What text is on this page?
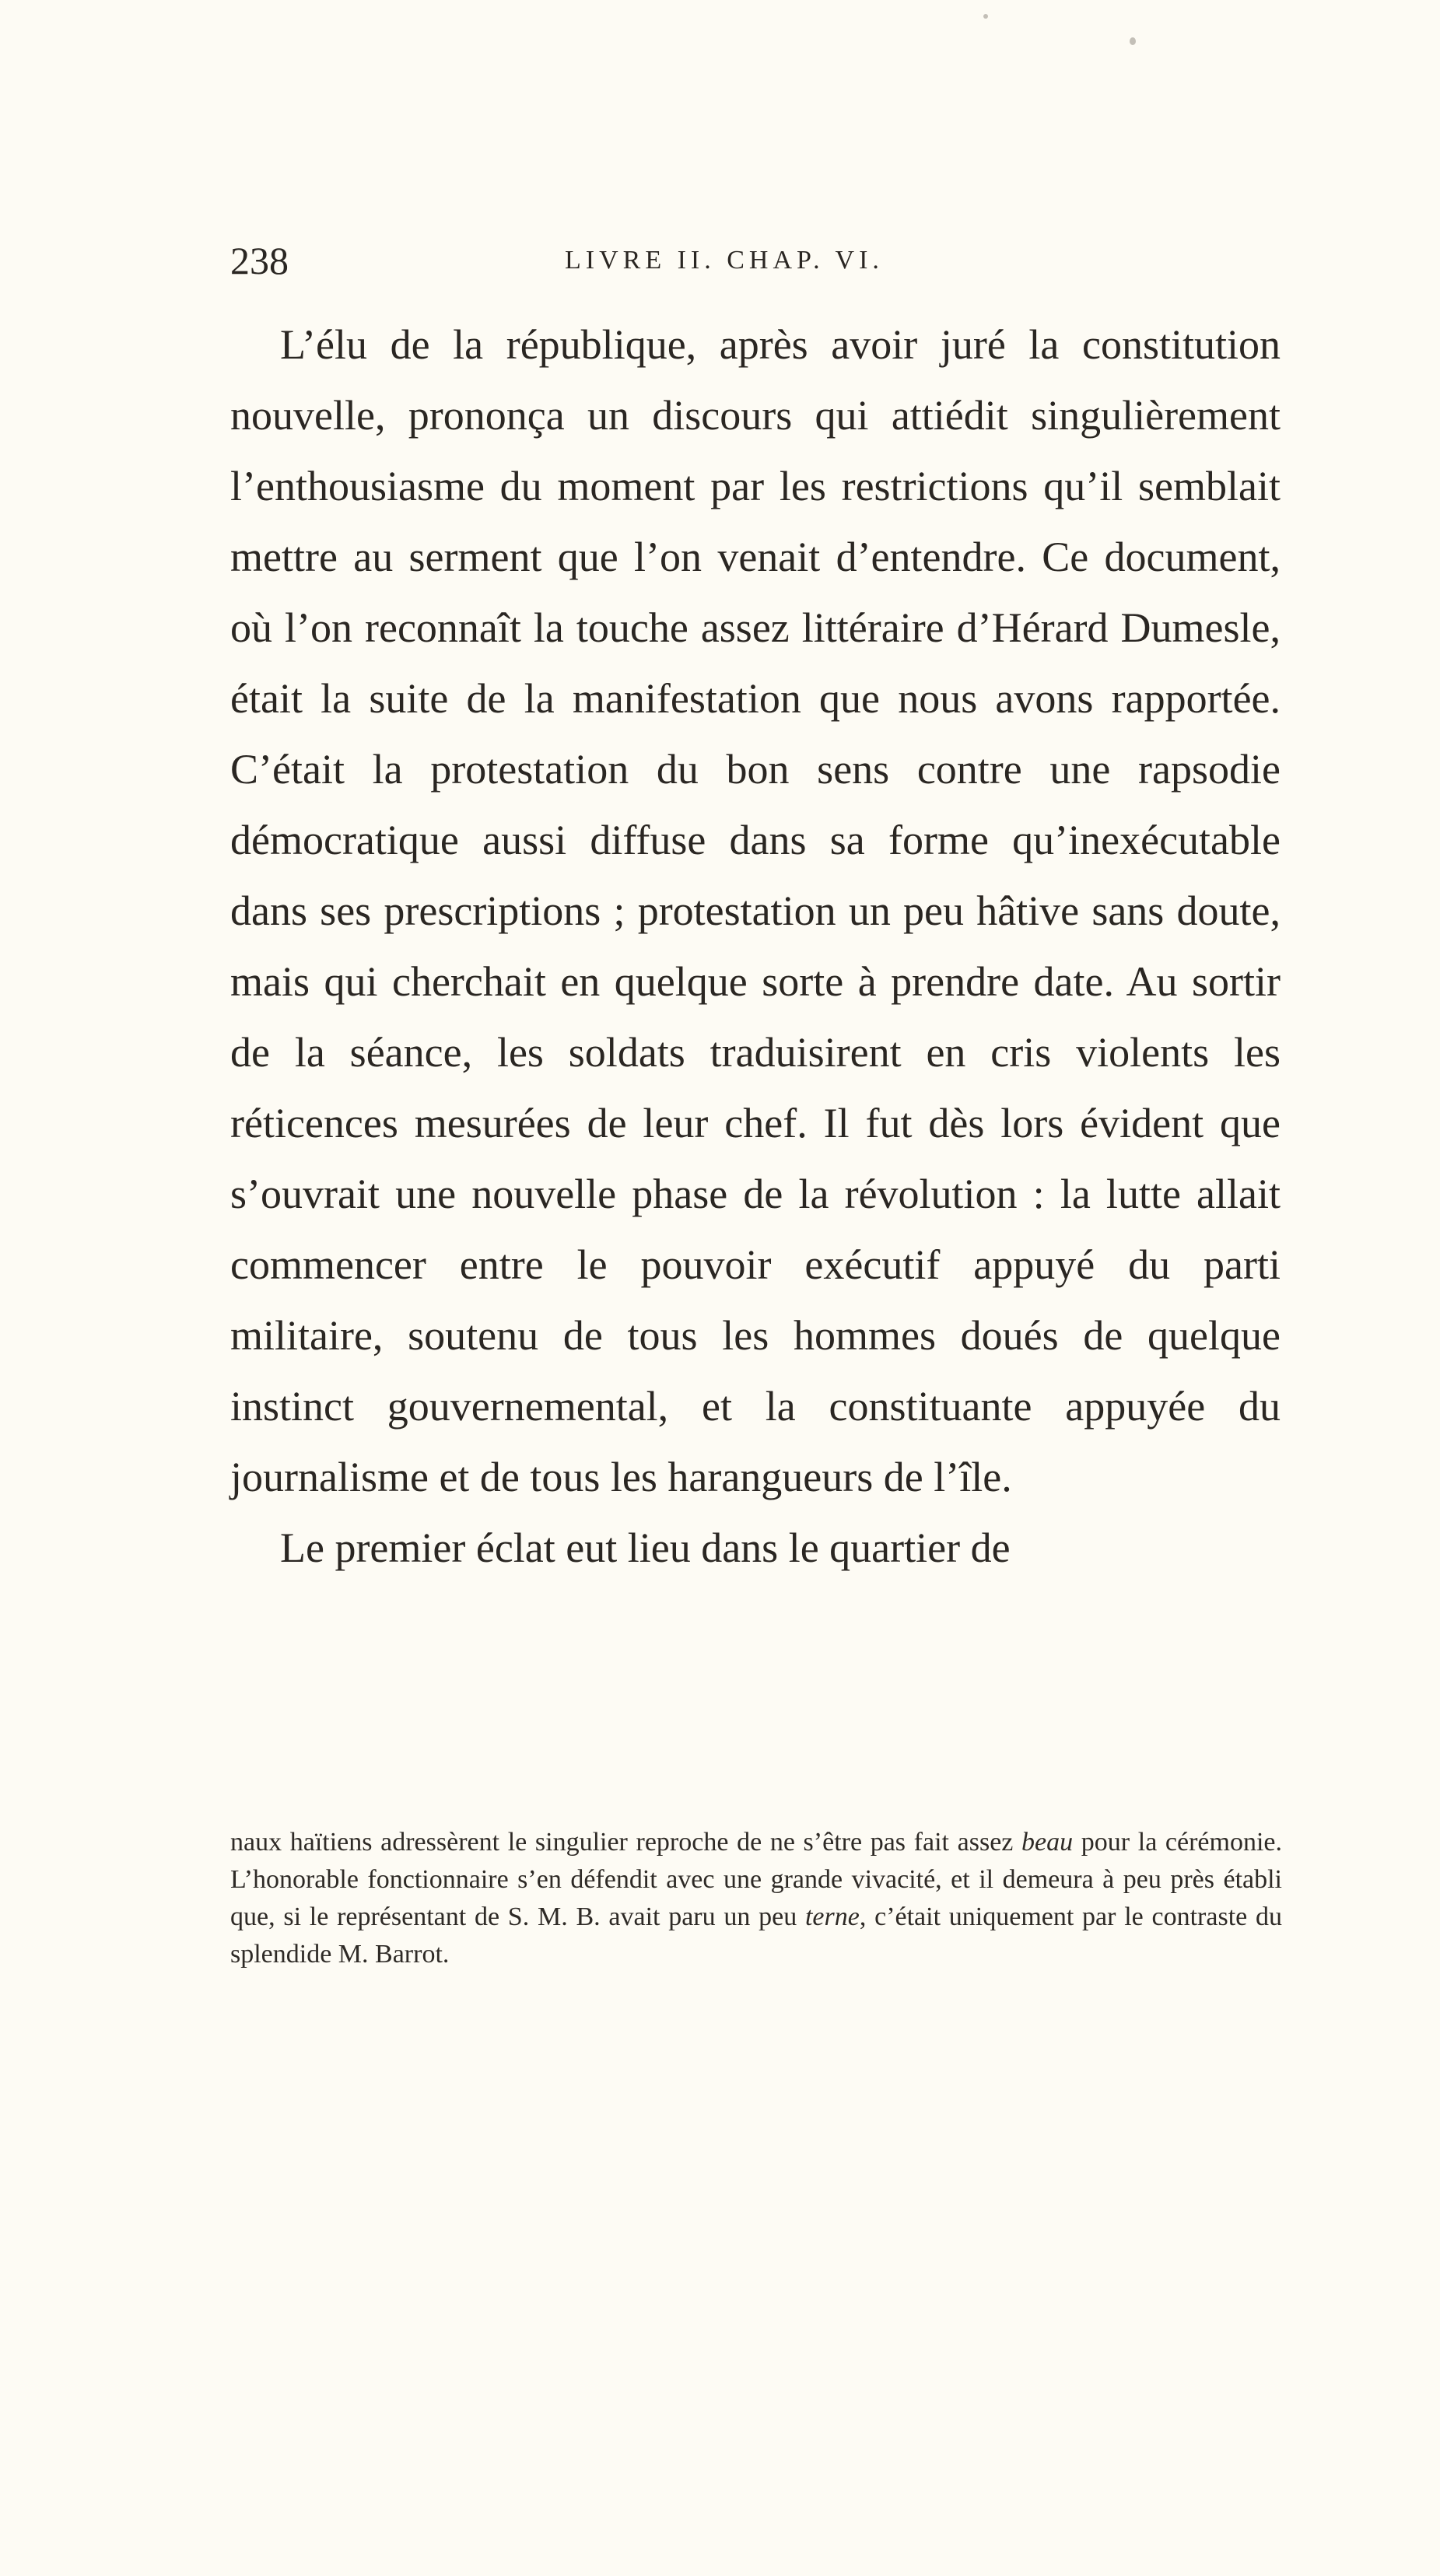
238	LIVRE II. CHAP. VI.

L’élu de la république, après avoir juré la constitution nouvelle, prononça un discours qui attiédit singulièrement l’enthousiasme du moment par les restrictions qu’il semblait mettre au serment que l’on venait d’entendre. Ce document, où l’on reconnaît la touche assez littéraire d’Hérard Dumesle, était la suite de la manifestation que nous avons rapportée. C’était la protestation du bon sens contre une rapsodie démocratique aussi diffuse dans sa forme qu’inexécutable dans ses prescriptions ; protestation un peu hâtive sans doute, mais qui cherchait en quelque sorte à prendre date. Au sortir de la séance, les soldats traduisirent en cris violents les réticences mesurées de leur chef. Il fut dès lors évident que s’ouvrait une nouvelle phase de la révolution : la lutte allait commencer entre le pouvoir exécutif appuyé du parti militaire, soutenu de tous les hommes doués de quelque instinct gouvernemental, et la constituante appuyée du journalisme et de tous les harangueurs de l’île.

Le premier éclat eut lieu dans le quartier de

naux haïtiens adressèrent le singulier reproche de ne s’être pas fait assez beau pour la cérémonie. L’honorable fonctionnaire s’en défendit avec une grande vivacité, et il demeura à peu près établi que, si le représentant de S. M. B. avait paru un peu terne, c’était uniquement par le contraste du splendide M. Barrot.
